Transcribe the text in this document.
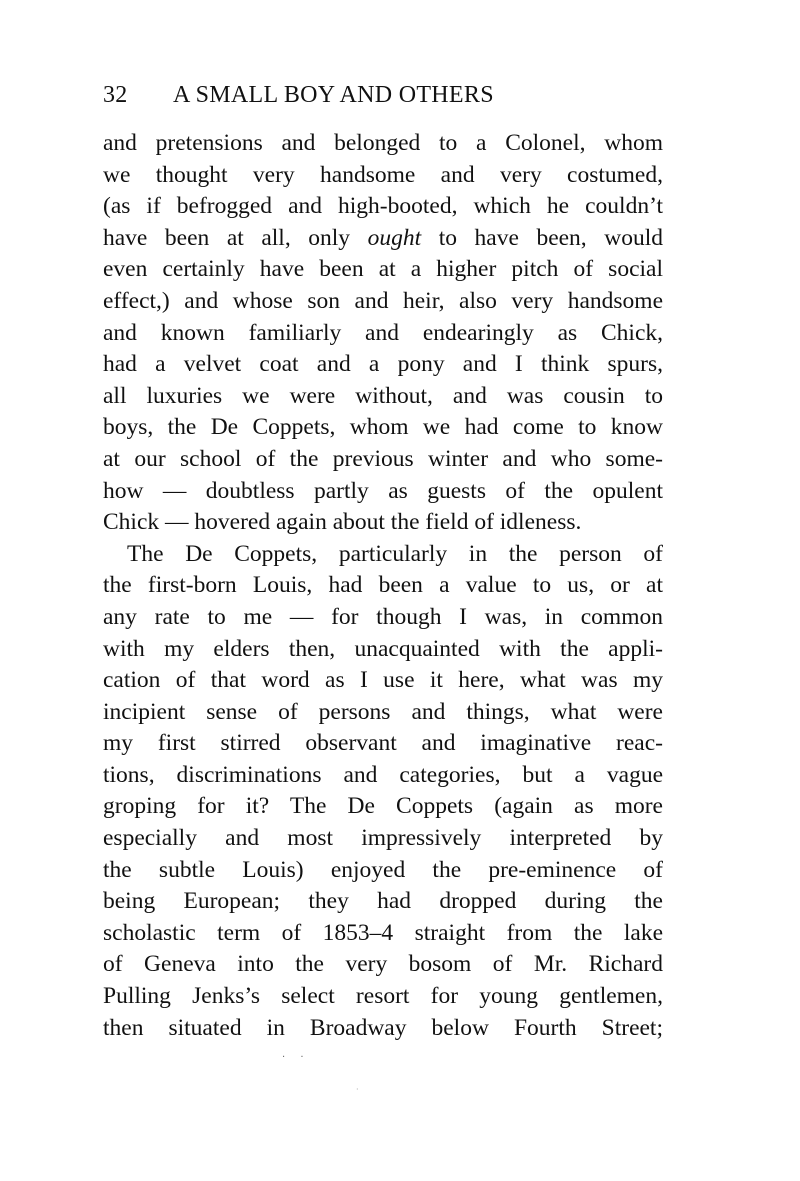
32 A SMALL BOY AND OTHERS
and pretensions and belonged to a Colonel, whom
we thought very handsome and very costumed,
(as if befrogged and high-booted, which he couldn’t
have been at all, only ought to have been, would
even certainly have been at a higher pitch of social
effect,) and whose son and heir, also very handsome
and known familiarly and endearingly as Chick,
had a velvet coat and a pony and I think spurs,
all luxuries we were without, and was cousin to
boys, the De Coppets, whom we had come to know
at our school of the previous winter and who some-
how — doubtless partly as guests of the opulent
Chick — hovered again about the field of idleness.
The De Coppets, particularly in the person of
the first-born Louis, had been a value to us, or at
any rate to me — for though I was, in common
with my elders then, unacquainted with the appli-
cation of that word as I use it here, what was my
incipient sense of persons and things, what were
my first stirred observant and imaginative reac-
tions, discriminations and categories, but a vague
groping for it? The De Coppets (again as more
especially and most impressively interpreted by
the subtle Louis) enjoyed the pre-eminence of
being European; they had dropped during the
scholastic term of 1853–4 straight from the lake
of Geneva into the very bosom of Mr. Richard
Pulling Jenks’s select resort for young gentlemen,
then situated in Broadway below Fourth Street;
· ·
·
